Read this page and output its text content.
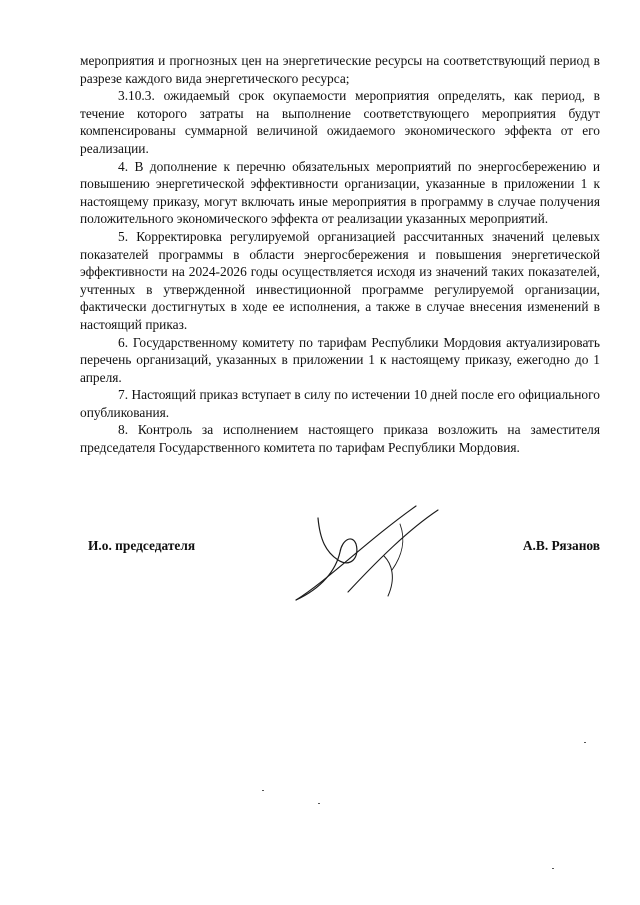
мероприятия и прогнозных цен на энергетические ресурсы на соответствующий период в разрезе каждого вида энергетического ресурса;

3.10.3. ожидаемый срок окупаемости мероприятия определять, как период, в течение которого затраты на выполнение соответствующего мероприятия будут компенсированы суммарной величиной ожидаемого экономического эффекта от его реализации.

4. В дополнение к перечню обязательных мероприятий по энергосбережению и повышению энергетической эффективности организации, указанные в приложении 1 к настоящему приказу, могут включать иные мероприятия в программу в случае получения положительного экономического эффекта от реализации указанных мероприятий.

5. Корректировка регулируемой организацией рассчитанных значений целевых показателей программы в области энергосбережения и повышения энергетической эффективности на 2024-2026 годы осуществляется исходя из значений таких показателей, учтенных в утвержденной инвестиционной программе регулируемой организации, фактически достигнутых в ходе ее исполнения, а также в случае внесения изменений в настоящий приказ.

6. Государственному комитету по тарифам Республики Мордовия актуализировать перечень организаций, указанных в приложении 1 к настоящему приказу, ежегодно до 1 апреля.

7. Настоящий приказ вступает в силу по истечении 10 дней после его официального опубликования.

8. Контроль за исполнением настоящего приказа возложить на заместителя председателя Государственного комитета по тарифам Республики Мордовия.

И.о. председателя	А.В. Рязанов
